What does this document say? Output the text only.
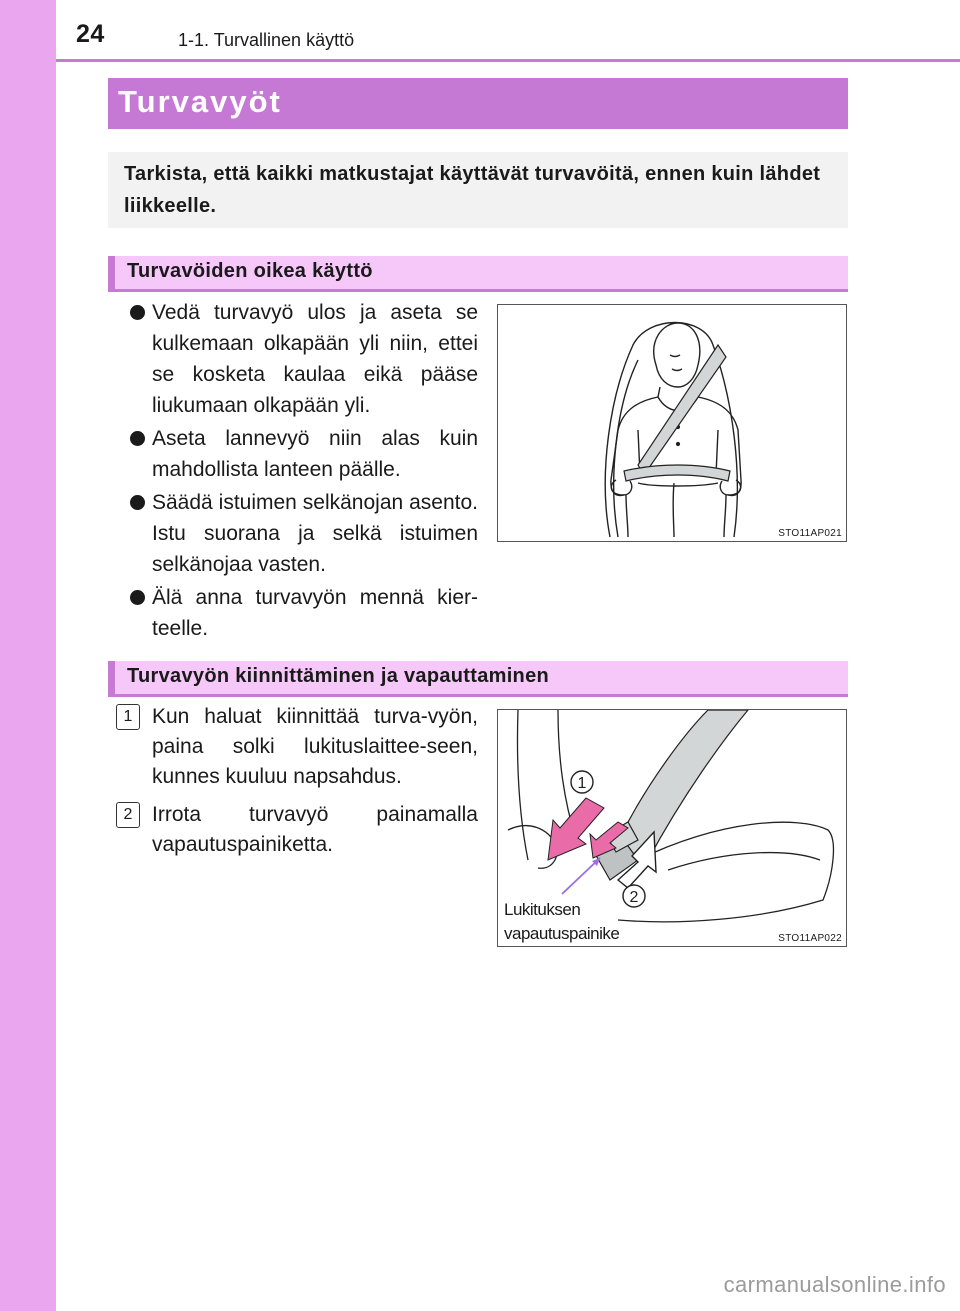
24	1-1. Turvallinen käyttö
Turvavyöt
Tarkista, että kaikki matkustajat käyttävät turvavöitä, ennen kuin lähdet liikkeelle.
Turvavöiden oikea käyttö
Vedä turvavyö ulos ja aseta se kulkemaan olkapään yli niin, ettei se kosketa kaulaa eikä pääse liukumaan olkapään yli.
Aseta lannevyö niin alas kuin mahdollista lanteen päälle.
Säädä istuimen selkänojan asento. Istu suorana ja selkä istuimen selkänojaa vasten.
Älä anna turvavyön mennä kier-teelle.
STO11AP021
Turvavyön kiinnittäminen ja vapauttaminen
1 Kun haluat kiinnittää turva-vyön, paina solki lukituslaittee-seen, kunnes kuuluu napsahdus.
2 Irrota turvavyö painamalla vapautuspainiketta.
1
2
Lukituksen
vapautuspainike	STO11AP022
carmanualsonline.info
